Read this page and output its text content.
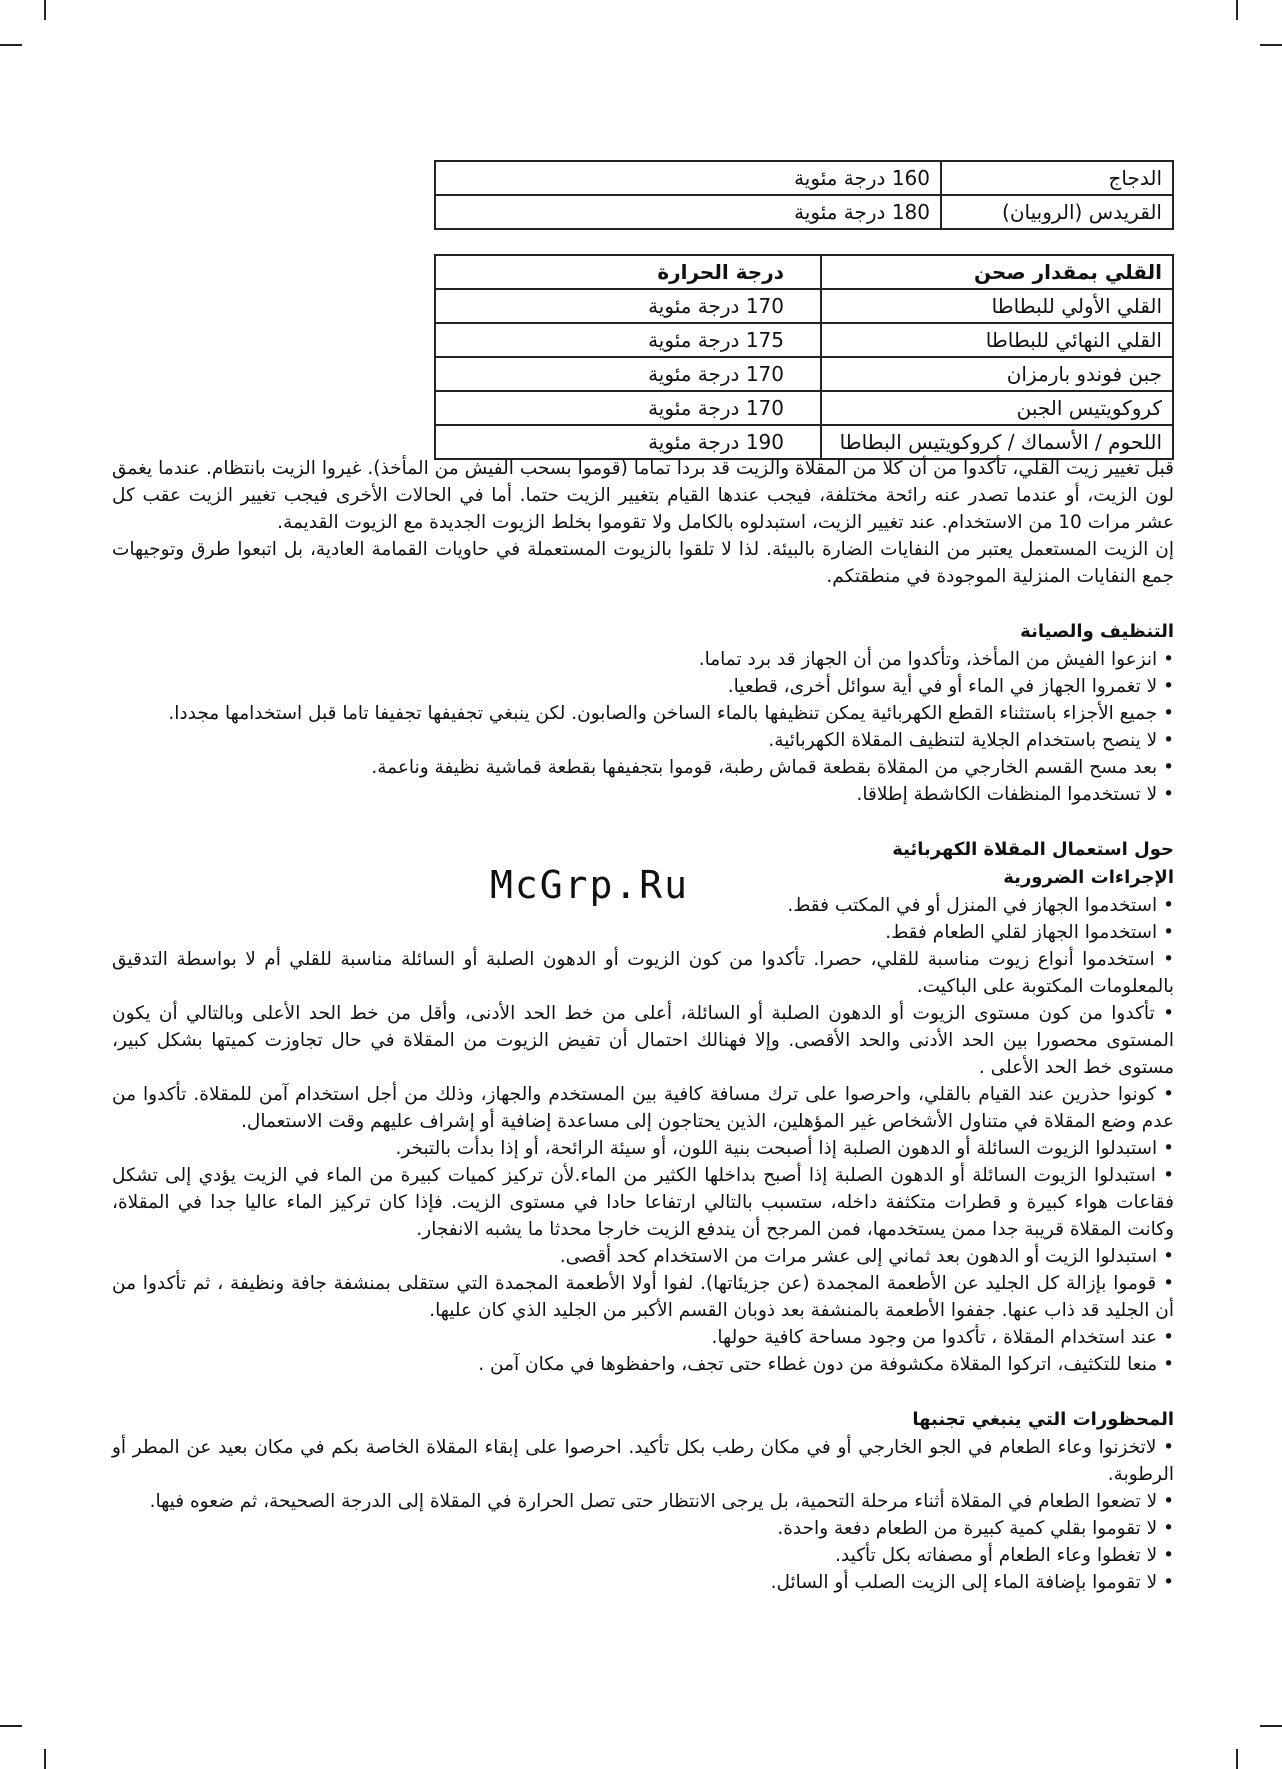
الدجاج	160 درجة مئوية
القريدس (الروبيان)	180 درجة مئوية
القلي بمقدار صحن	درجة الحرارة
القلي الأولي للبطاطا	170 درجة مئوية
القلي النهائي للبطاطا	175 درجة مئوية
جبن فوندو بارمزان	170 درجة مئوية
كروكويتيس الجبن	170 درجة مئوية
اللحوم / الأسماك / كروكويتيس البطاطا	190 درجة مئوية

قبل تغيير زيت القلي، تأكدوا من أن كلا من المقلاة والزيت قد بردا تماما (قوموا بسحب الفيش من المأخذ). غيروا الزيت بانتظام. عندما يغمق لون الزيت، أو عندما تصدر عنه رائحة مختلفة، فيجب عندها القيام بتغيير الزيت حتما. أما في الحالات الأخرى فيجب تغيير الزيت عقب كل عشر مرات 10 من الاستخدام. عند تغيير الزيت، استبدلوه بالكامل ولا تقوموا بخلط الزيوت الجديدة مع الزيوت القديمة.

إن الزيت المستعمل يعتبر من النفايات الضارة بالبيئة. لذا لا تلقوا بالزيوت المستعملة في حاويات القمامة العادية، بل اتبعوا طرق وتوجيهات جمع النفايات المنزلية الموجودة في منطقتكم.

التنظيف والصيانة
• انزعوا الفيش من المأخذ، وتأكدوا من أن الجهاز قد برد تماما.
• لا تغمروا الجهاز في الماء أو في أية سوائل أخرى، قطعيا.
• جميع الأجزاء باستثناء القطع الكهربائية يمكن تنظيفها بالماء الساخن والصابون. لكن ينبغي تجفيفها تجفيفا تاما قبل استخدامها مجددا.
• لا ينصح باستخدام الجلاية لتنظيف المقلاة الكهربائية.
• بعد مسح القسم الخارجي من المقلاة بقطعة قماش رطبة، قوموا بتجفيفها بقطعة قماشية نظيفة وناعمة.
• لا تستخدموا المنظفات الكاشطة إطلاقا.
حول استعمال المقلاة الكهربائية
الإجراءات الضرورية
• استخدموا الجهاز في المنزل أو في المكتب فقط.
• استخدموا الجهاز لقلي الطعام فقط.
• استخدموا أنواع زيوت مناسبة للقلي، حصرا. تأكدوا من كون الزيوت أو الدهون الصلبة أو السائلة مناسبة للقلي أم لا بواسطة التدقيق بالمعلومات المكتوبة على الباكيت.
• تأكدوا من كون مستوى الزيوت أو الدهون الصلبة أو السائلة، أعلى من خط الحد الأدنى، وأقل من خط الحد الأعلى وبالتالي أن يكون المستوى محصورا بين الحد الأدنى والحد الأقصى. وإلا فهنالك احتمال أن تفيض الزيوت من المقلاة في حال تجاوزت كميتها بشكل كبير، مستوى خط الحد الأعلى .
• كونوا حذرين عند القيام بالقلي، واحرصوا على ترك مسافة كافية بين المستخدم والجهاز، وذلك من أجل استخدام آمن للمقلاة. تأكدوا من عدم وضع المقلاة في متناول الأشخاص غير المؤهلين، الذين يحتاجون إلى مساعدة إضافية أو إشراف عليهم وقت الاستعمال.
• استبدلوا الزيوت السائلة أو الدهون الصلبة إذا أصبحت بنية اللون، أو سيئة الرائحة، أو إذا بدأت بالتبخر.
• استبدلوا الزيوت السائلة أو الدهون الصلبة إذا أصبح بداخلها الكثير من الماء.لأن تركيز كميات كبيرة من الماء في الزيت يؤدي إلى تشكل فقاعات هواء كبيرة و قطرات متكثفة داخله، ستسبب بالتالي ارتفاعا حادا في مستوى الزيت. فإذا كان تركيز الماء عاليا جدا في المقلاة، وكانت المقلاة قريبة جدا ممن يستخدمها، فمن المرجح أن يندفع الزيت خارجا محدثا ما يشبه الانفجار.
• استبدلوا الزيت أو الدهون بعد ثماني إلى عشر مرات من الاستخدام كحد أقصى.
• قوموا بإزالة كل الجليد عن الأطعمة المجمدة (عن جزيئاتها). لفوا أولا الأطعمة المجمدة التي ستقلى بمنشفة جافة ونظيفة ، ثم تأكدوا من أن الجليد قد ذاب عنها. جففوا الأطعمة بالمنشفة بعد ذوبان القسم الأكبر من الجليد الذي كان عليها.
• عند استخدام المقلاة ، تأكدوا من وجود مساحة كافية حولها.
• منعا للتكثيف، اتركوا المقلاة مكشوفة من دون غطاء حتى تجف، واحفظوها في مكان آمن .
المحظورات التي ينبغي تجنبها
• لاتخزنوا وعاء الطعام في الجو الخارجي أو في مكان رطب بكل تأكيد. احرصوا على إبقاء المقلاة الخاصة بكم في مكان بعيد عن المطر أو الرطوبة.
• لا تضعوا الطعام في المقلاة أثناء مرحلة التحمية، بل يرجى الانتظار حتى تصل الحرارة في المقلاة إلى الدرجة الصحيحة، ثم ضعوه فيها.
• لا تقوموا بقلي كمية كبيرة من الطعام دفعة واحدة.
• لا تغطوا وعاء الطعام أو مصفاته بكل تأكيد.
• لا تقوموا بإضافة الماء إلى الزيت الصلب أو السائل.
McGrp.Ru
